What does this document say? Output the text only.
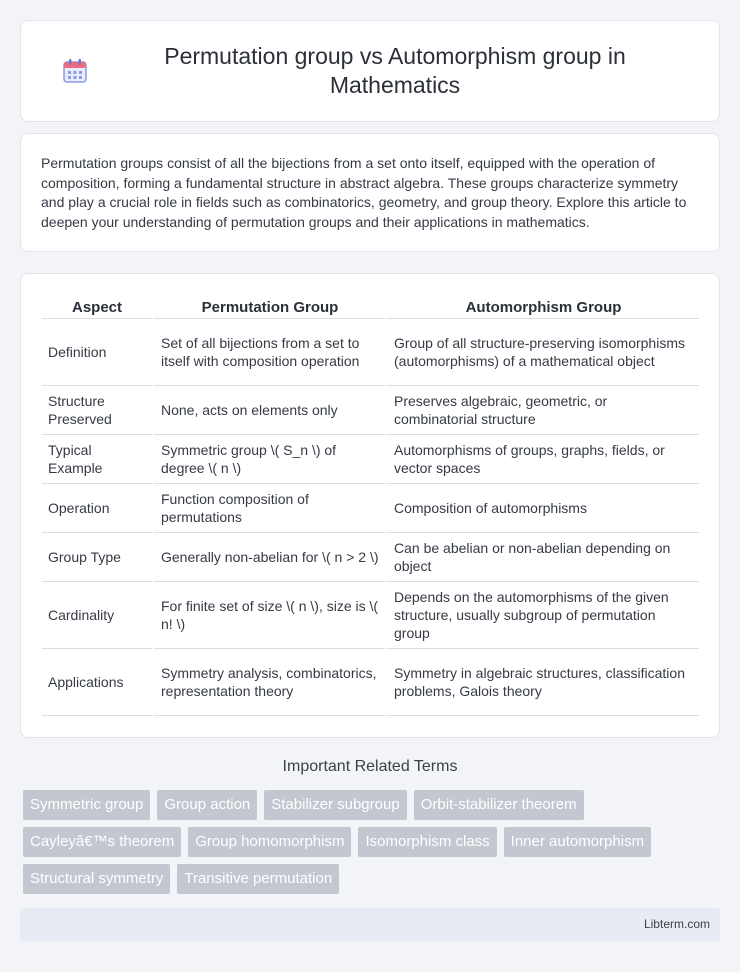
Permutation group vs Automorphism group in Mathematics

Permutation groups consist of all the bijections from a set onto itself, equipped with the operation of composition, forming a fundamental structure in abstract algebra. These groups characterize symmetry and play a crucial role in fields such as combinatorics, geometry, and group theory. Explore this article to deepen your understanding of permutation groups and their applications in mathematics.

Aspect	Permutation Group	Automorphism Group
Definition	Set of all bijections from a set to itself with composition operation	Group of all structure-preserving isomorphisms (automorphisms) of a mathematical object
Structure Preserved	None, acts on elements only	Preserves algebraic, geometric, or combinatorial structure
Typical Example	Symmetric group \( S_n \) of degree \( n \)	Automorphisms of groups, graphs, fields, or vector spaces
Operation	Function composition of permutations	Composition of automorphisms
Group Type	Generally non-abelian for \( n > 2 \)	Can be abelian or non-abelian depending on object
Cardinality	For finite set of size \( n \), size is \( n! \)	Depends on the automorphisms of the given structure, usually subgroup of permutation group
Applications	Symmetry analysis, combinatorics, representation theory	Symmetry in algebraic structures, classification problems, Galois theory
Important Related Terms
Symmetric group	Group action	Stabilizer subgroup	Orbit-stabilizer theorem
Cayleyâ€™s theorem	Group homomorphism	Isomorphism class	Inner automorphism
Structural symmetry	Transitive permutation
Libterm.com
